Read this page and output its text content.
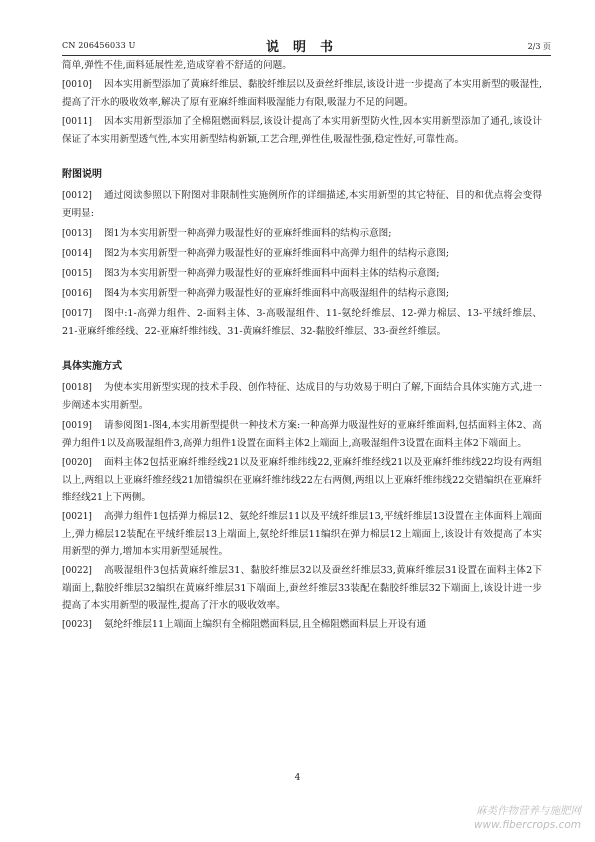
CN 206456033 U	说明书	2/3 页
简单,弹性不佳,面料延展性差,造成穿着不舒适的问题。
[0010] 因本实用新型添加了黄麻纤维层、黏胶纤维层以及蚕丝纤维层,该设计进一步提高了本实用新型的吸湿性,提高了汗水的吸收效率,解决了原有亚麻纤维面料吸湿能力有限,吸湿力不足的问题。
[0011] 因本实用新型添加了全棉阻燃面料层,该设计提高了本实用新型防火性,因本实用新型添加了通孔,该设计保证了本实用新型透气性,本实用新型结构新颖,工艺合理,弹性佳,吸湿性强,稳定性好,可靠性高。
附图说明
[0012] 通过阅读参照以下附图对非限制性实施例所作的详细描述,本实用新型的其它特征、目的和优点将会变得更明显:
[0013] 图1为本实用新型一种高弹力吸湿性好的亚麻纤维面料的结构示意图;
[0014] 图2为本实用新型一种高弹力吸湿性好的亚麻纤维面料中高弹力组件的结构示意图;
[0015] 图3为本实用新型一种高弹力吸湿性好的亚麻纤维面料中面料主体的结构示意图;
[0016] 图4为本实用新型一种高弹力吸湿性好的亚麻纤维面料中高吸湿组件的结构示意图;
[0017] 图中:1-高弹力组件、2-面料主体、3-高吸湿组件、11-氨纶纤维层、12-弹力棉层、13-平绒纤维层、21-亚麻纤维经线、22-亚麻纤维纬线、31-黄麻纤维层、32-黏胶纤维层、33-蚕丝纤维层。
具体实施方式
[0018] 为使本实用新型实现的技术手段、创作特征、达成目的与功效易于明白了解,下面结合具体实施方式,进一步阐述本实用新型。
[0019] 请参阅图1-图4,本实用新型提供一种技术方案:一种高弹力吸湿性好的亚麻纤维面料,包括面料主体2、高弹力组件1以及高吸湿组件3,高弹力组件1设置在面料主体2上端面上,高吸湿组件3设置在面料主体2下端面上。
[0020] 面料主体2包括亚麻纤维经线21以及亚麻纤维纬线22,亚麻纤维经线21以及亚麻纤维纬线22均设有两组以上,两组以上亚麻纤维经线21加错编织在亚麻纤维纬线22左右两侧,两组以上亚麻纤维纬线22交错编织在亚麻纤维经线21上下两侧。
[0021] 高弹力组件1包括弹力棉层12、氨纶纤维层11以及平绒纤维层13,平绒纤维层13设置在主体面料上端面上,弹力棉层12装配在平绒纤维层13上端面上,氨纶纤维层11编织在弹力棉层12上端面上,该设计有效提高了本实用新型的弹力,增加本实用新型延展性。
[0022] 高吸湿组件3包括黄麻纤维层31、黏胶纤维层32以及蚕丝纤维层33,黄麻纤维层31设置在面料主体2下端面上,黏胶纤维层32编织在黄麻纤维层31下端面上,蚕丝纤维层33装配在黏胶纤维层32下端面上,该设计进一步提高了本实用新型的吸湿性,提高了汗水的吸收效率。
[0023] 氨纶纤维层11上端面上编织有全棉阻燃面料层,且全棉阻燃面料层上开设有通
4
麻类作物营养与施肥网
www.fibercrops.com
